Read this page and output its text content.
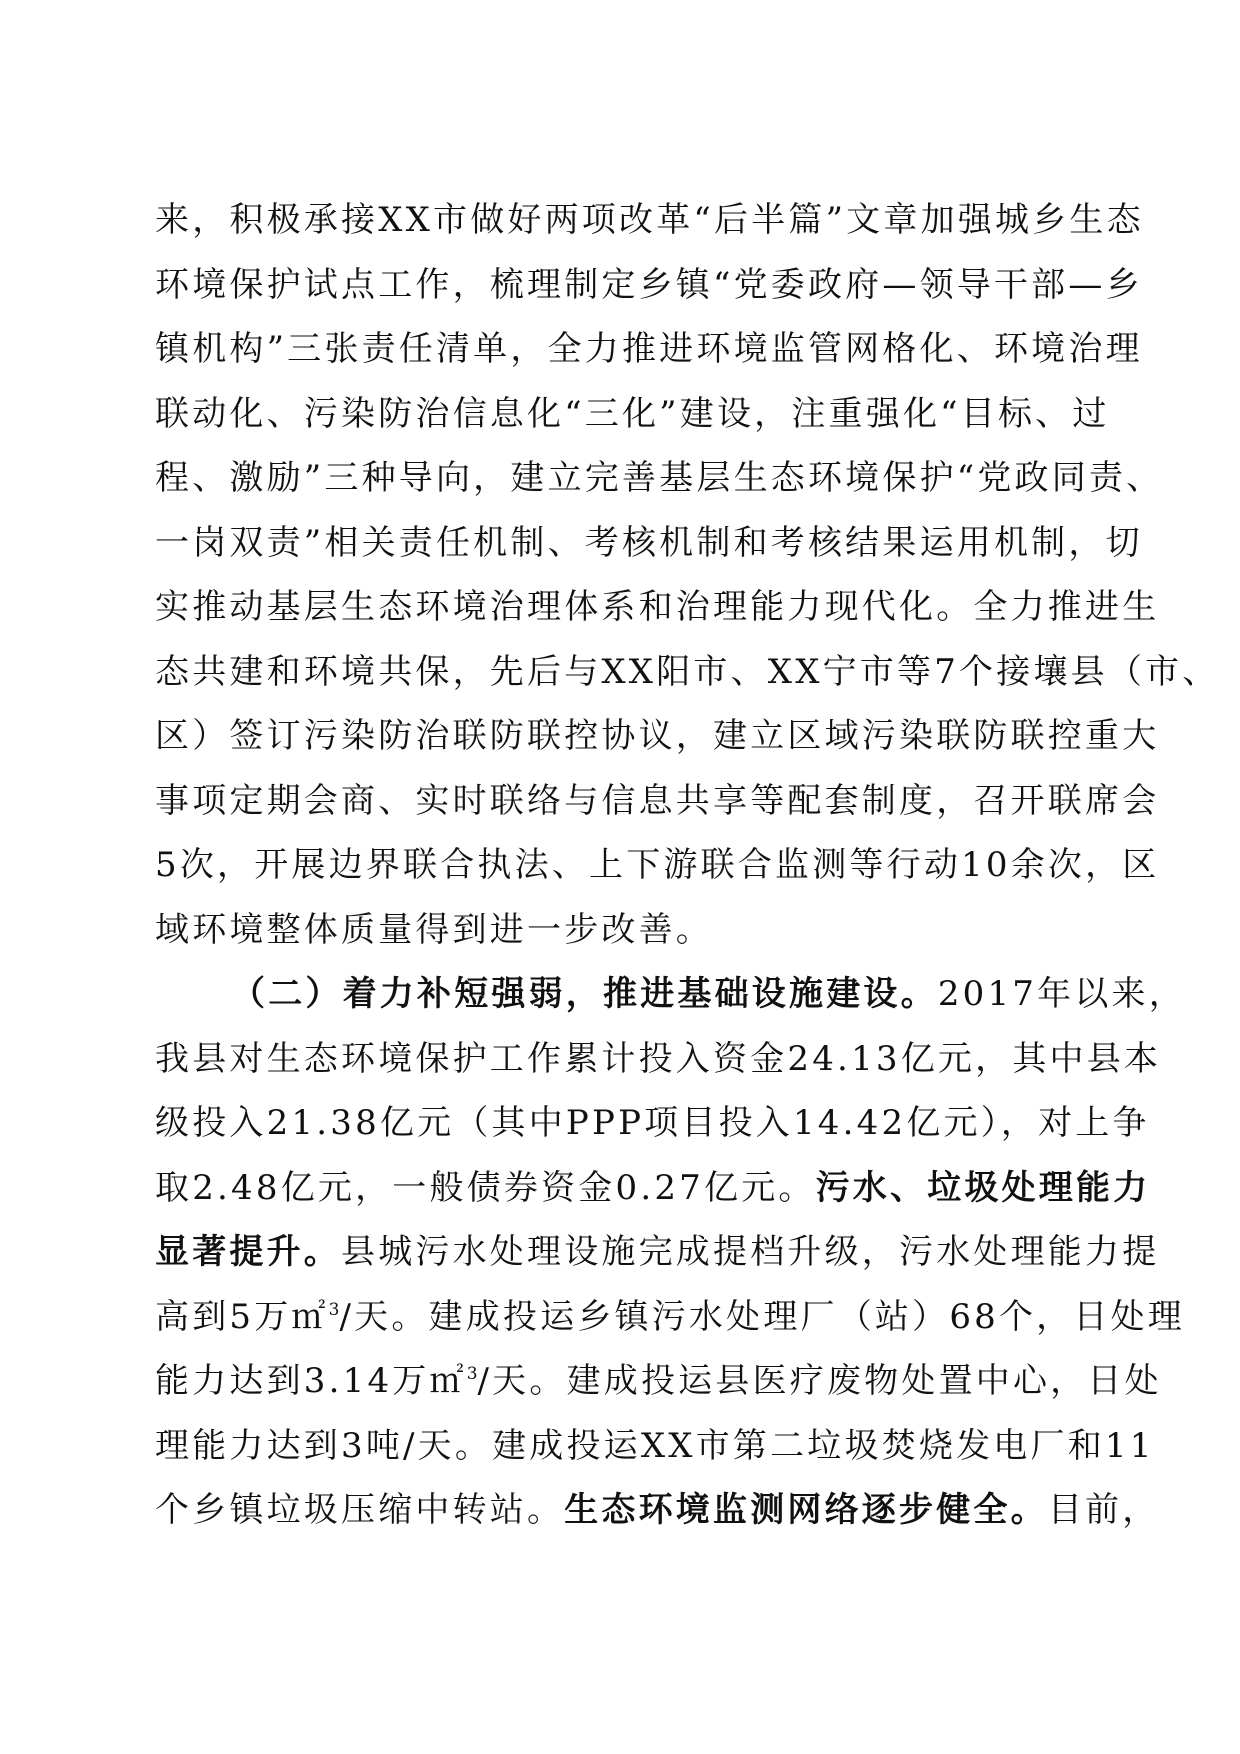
来，积极承接XX市做好两项改革“后半篇”文章加强城乡生态
环境保护试点工作，梳理制定乡镇“党委政府—领导干部—乡
镇机构”三张责任清单，全力推进环境监管网格化、环境治理
联动化、污染防治信息化“三化”建设，注重强化“目标、过
程、激励”三种导向，建立完善基层生态环境保护“党政同责、
一岗双责”相关责任机制、考核机制和考核结果运用机制，切
实推动基层生态环境治理体系和治理能力现代化。全力推进生
态共建和环境共保，先后与XX阳市、XX宁市等7个接壤县（市、
区）签订污染防治联防联控协议，建立区域污染联防联控重大
事项定期会商、实时联络与信息共享等配套制度，召开联席会
5次，开展边界联合执法、上下游联合监测等行动10余次，区
域环境整体质量得到进一步改善。
（二）着力补短强弱，推进基础设施建设。2017年以来，
我县对生态环境保护工作累计投入资金24.13亿元，其中县本
级投入21.38亿元（其中PPP项目投入14.42亿元），对上争
取2.48亿元，一般债券资金0.27亿元。污水、垃圾处理能力
显著提升。县城污水处理设施完成提档升级，污水处理能力提
高到5万㎡$^3$/天。建成投运乡镇污水处理厂（站）68个，日处理
能力达到3.14万㎡$^3$/天。建成投运县医疗废物处置中心，日处
理能力达到3吨/天。建成投运XX市第二垃圾焚烧发电厂和11
个乡镇垃圾压缩中转站。生态环境监测网络逐步健全。目前，
